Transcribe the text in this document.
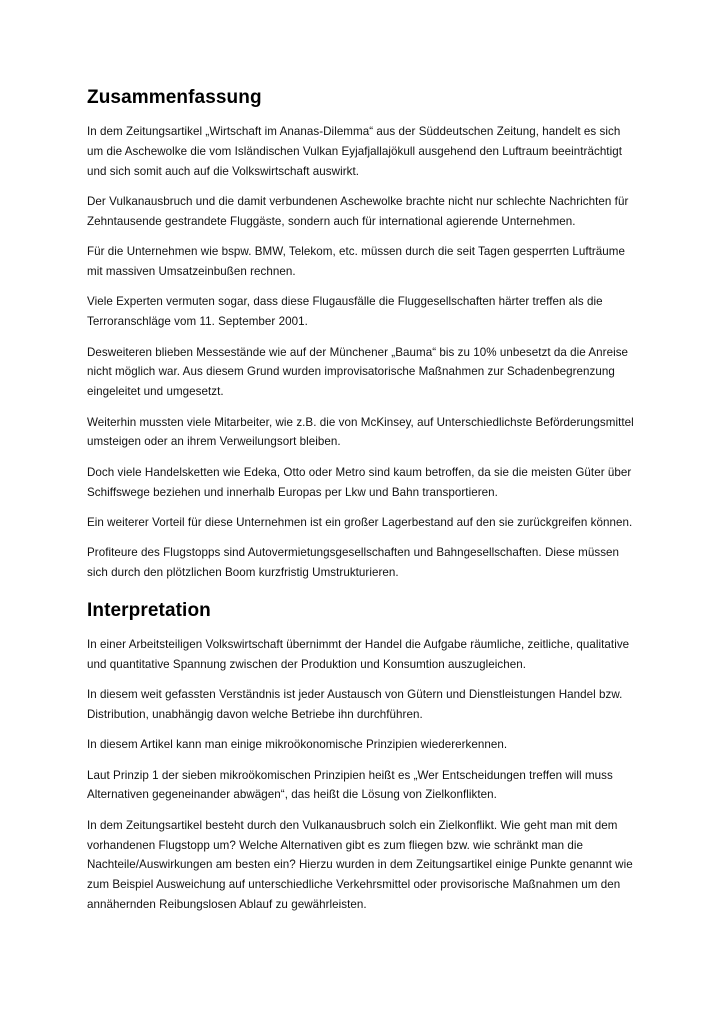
Zusammenfassung

In dem Zeitungsartikel „Wirtschaft im Ananas-Dilemma“ aus der Süddeutschen Zeitung, handelt es sich um die Aschewolke die vom Isländischen Vulkan Eyjafjallajökull ausgehend den Luftraum beeinträchtigt und sich somit auch auf die Volkswirtschaft auswirkt.

Der Vulkanausbruch und die damit verbundenen Aschewolke brachte nicht nur schlechte Nachrichten für Zehntausende gestrandete Fluggäste, sondern auch für international agierende Unternehmen.

Für die Unternehmen wie bspw. BMW, Telekom, etc. müssen durch die seit Tagen gesperrten Lufträume mit massiven Umsatzeinbußen rechnen.

Viele Experten vermuten sogar, dass diese Flugausfälle die Fluggesellschaften härter treffen als die Terroranschläge vom 11. September 2001.

Desweiteren blieben Messestände wie auf der Münchener „Bauma“ bis zu 10% unbesetzt da die Anreise nicht möglich war. Aus diesem Grund wurden improvisatorische Maßnahmen zur Schadenbegrenzung eingeleitet und umgesetzt.

Weiterhin mussten viele Mitarbeiter, wie z.B. die von McKinsey, auf Unterschiedlichste Beförderungsmittel umsteigen oder an ihrem Verweilungsort bleiben.

Doch viele Handelsketten wie Edeka, Otto oder Metro sind kaum betroffen, da sie die meisten Güter über Schiffswege beziehen und innerhalb Europas per Lkw und Bahn transportieren.

Ein weiterer Vorteil für diese Unternehmen ist ein großer Lagerbestand auf den sie zurückgreifen können.

Profiteure des Flugstopps sind Autovermietungsgesellschaften und Bahngesellschaften. Diese müssen sich durch den plötzlichen Boom kurzfristig Umstrukturieren.

Interpretation

In einer Arbeitsteiligen Volkswirtschaft übernimmt der Handel die Aufgabe räumliche, zeitliche, qualitative und quantitative Spannung zwischen der Produktion und Konsumtion auszugleichen.

In diesem weit gefassten Verständnis ist jeder Austausch von Gütern und Dienstleistungen Handel bzw. Distribution, unabhängig davon welche Betriebe ihn durchführen.

In diesem Artikel kann man einige mikroökonomische Prinzipien wiedererkennen.

Laut Prinzip 1 der sieben mikroökomischen Prinzipien heißt es „Wer Entscheidungen treffen will muss Alternativen gegeneinander abwägen“, das heißt die Lösung von Zielkonflikten.

In dem Zeitungsartikel besteht durch den Vulkanausbruch solch ein Zielkonflikt. Wie geht man mit dem vorhandenen Flugstopp um? Welche Alternativen gibt es zum fliegen bzw. wie schränkt man die Nachteile/Auswirkungen am besten ein? Hierzu wurden in dem Zeitungsartikel einige Punkte genannt wie zum Beispiel Ausweichung auf unterschiedliche Verkehrsmittel oder provisorische Maßnahmen um den annähernden Reibungslosen Ablauf zu gewährleisten.
